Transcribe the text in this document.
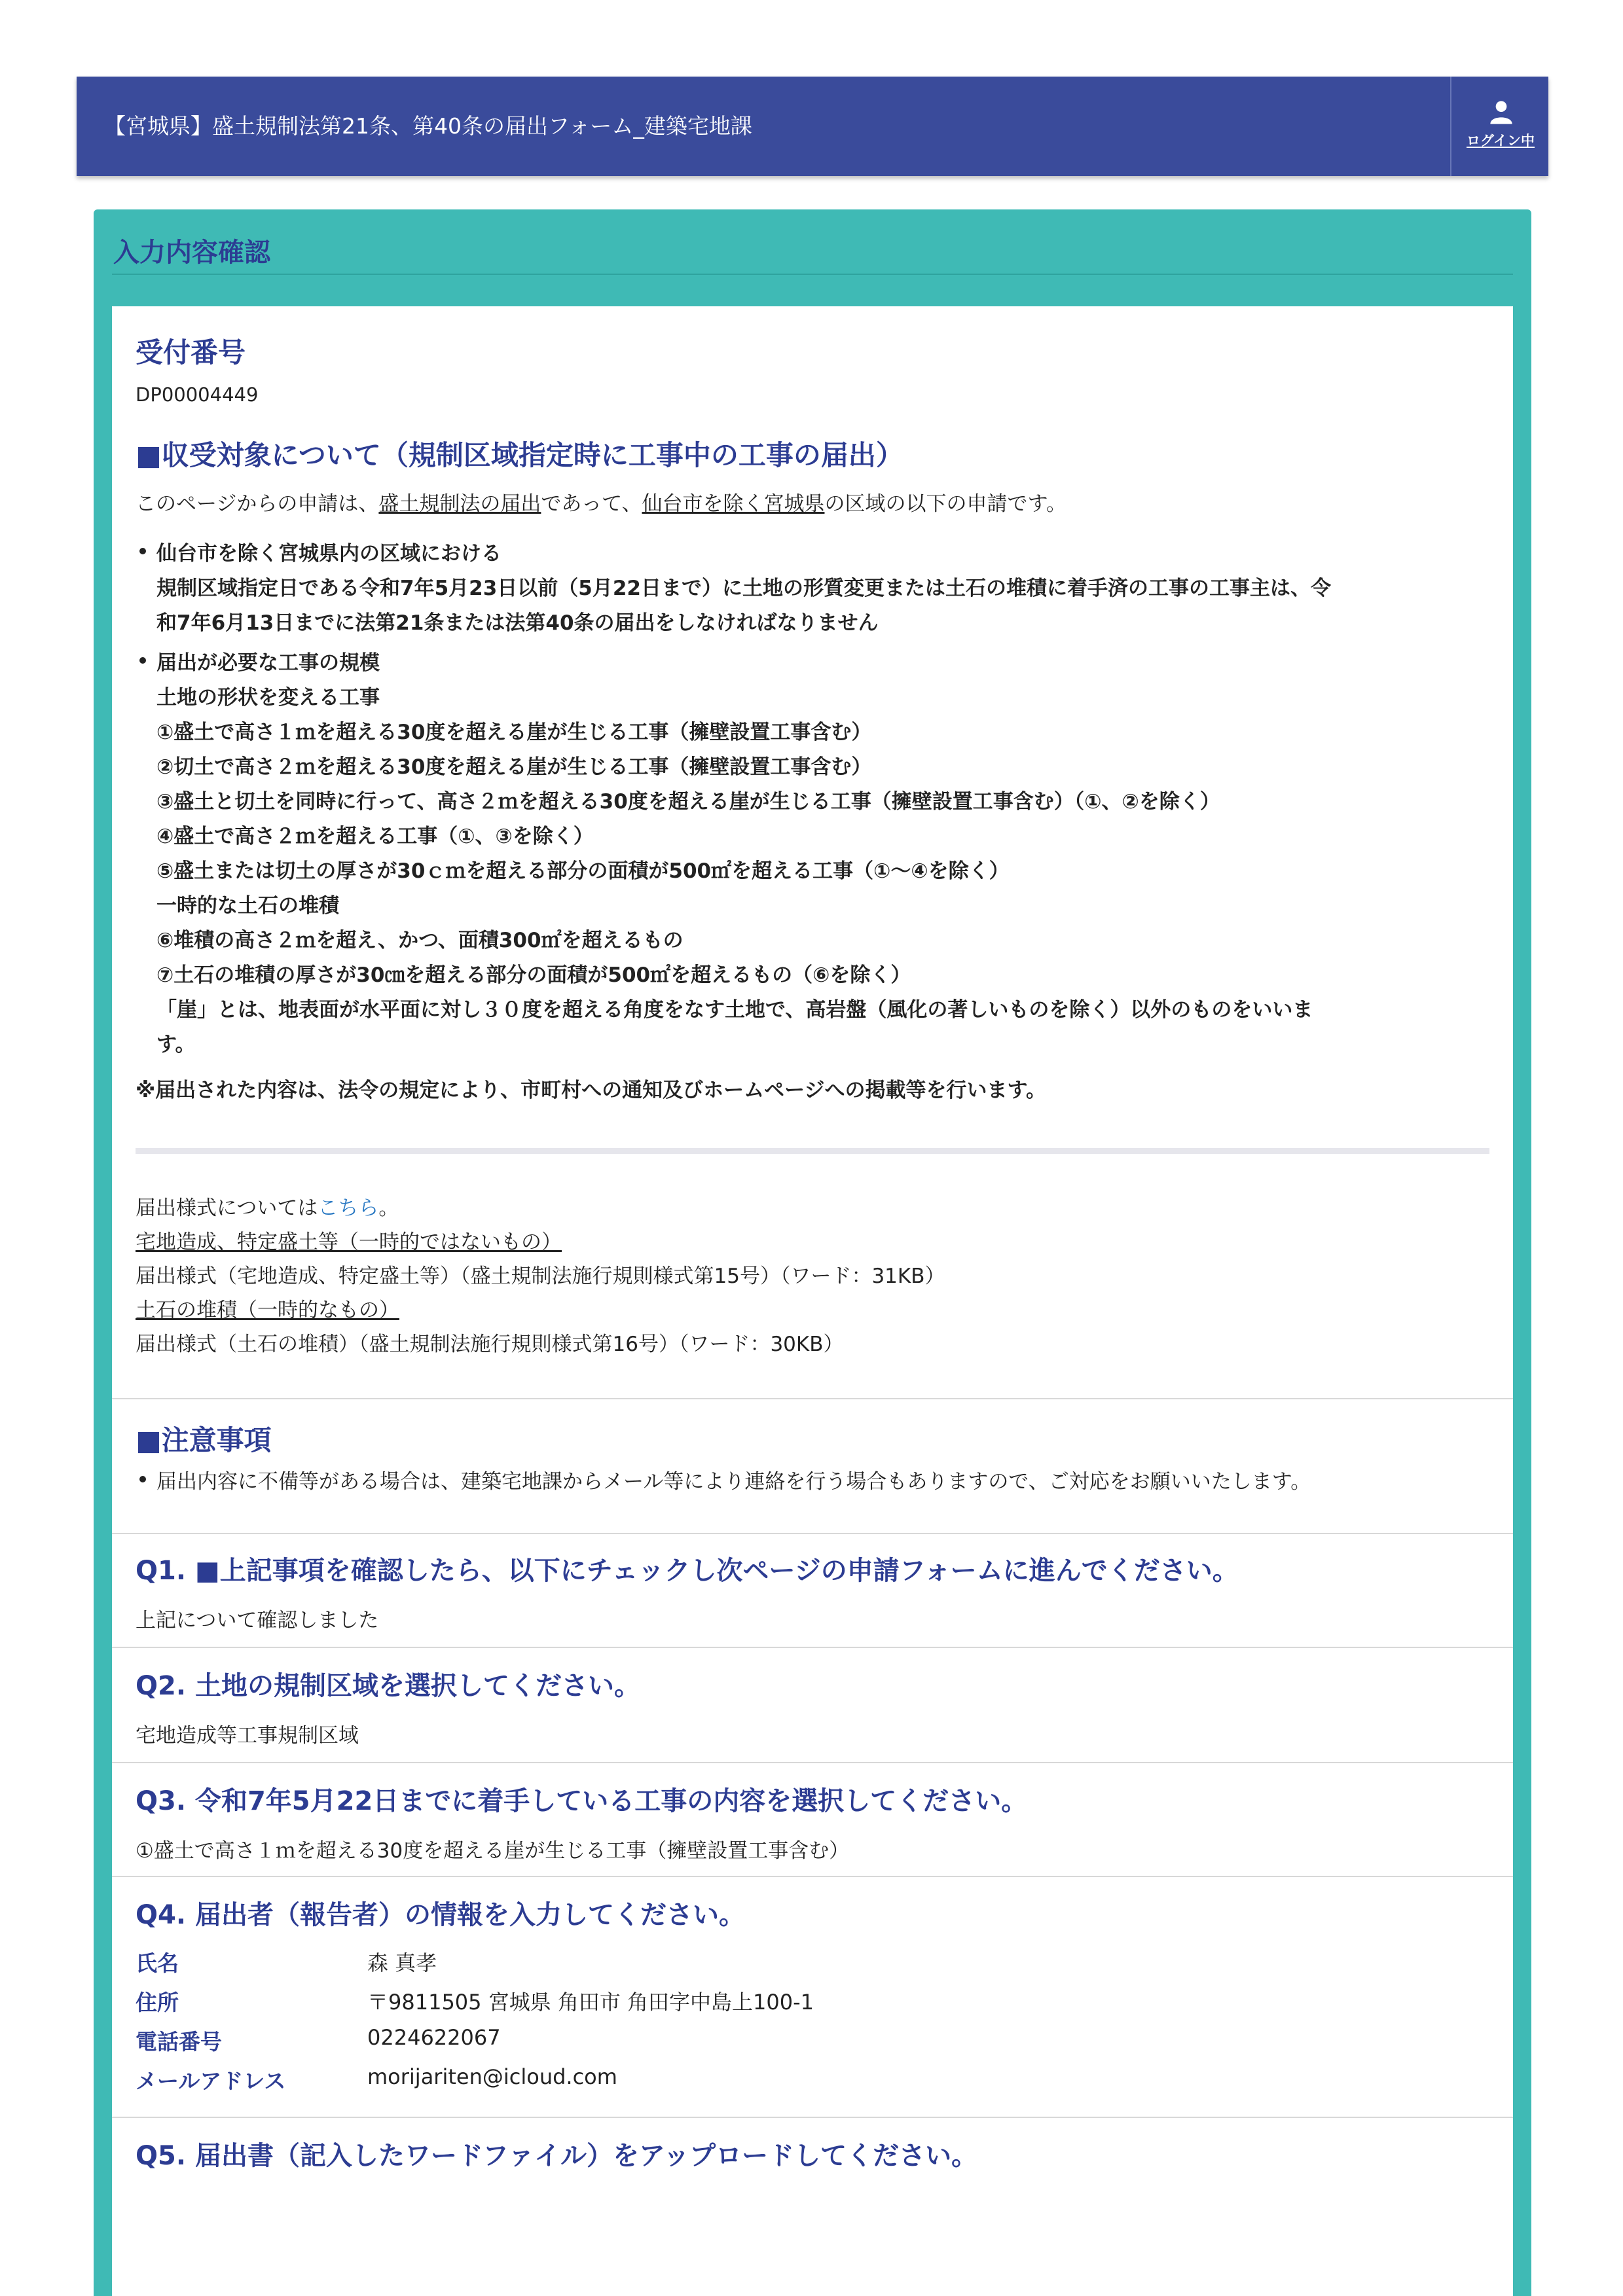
【宮城県】盛土規制法第21条、第40条の届出フォーム_建築宅地課
ログイン中
入力内容確認
受付番号
DP00004449
■収受対象について（規制区域指定時に工事中の工事の届出）
このページからの申請は、盛土規制法の届出であって、仙台市を除く宮城県の区域の以下の申請です。
仙台市を除く宮城県内の区域における
規制区域指定日である令和7年5月23日以前（5月22日まで）に土地の形質変更または土石の堆積に着手済の工事の工事主は、令
和7年6月13日までに法第21条または法第40条の届出をしなければなりません
届出が必要な工事の規模
土地の形状を変える工事
①盛土で高さ１ｍを超える30度を超える崖が生じる工事（擁壁設置工事含む）
②切土で高さ２ｍを超える30度を超える崖が生じる工事（擁壁設置工事含む）
③盛土と切土を同時に行って、高さ２ｍを超える30度を超える崖が生じる工事（擁壁設置工事含む）（①、②を除く）
④盛土で高さ２ｍを超える工事（①、③を除く）
⑤盛土または切土の厚さが30ｃｍを超える部分の面積が500㎡を超える工事（①〜④を除く）
一時的な土石の堆積
⑥堆積の高さ２ｍを超え、かつ、面積300㎡を超えるもの
⑦土石の堆積の厚さが30㎝を超える部分の面積が500㎡を超えるもの（⑥を除く）
「崖」とは、地表面が水平面に対し３０度を超える角度をなす土地で、高岩盤（風化の著しいものを除く）以外のものをいいま
す。
※届出された内容は、法令の規定により、市町村への通知及びホームページへの掲載等を行います。
届出様式についてはこちら。
宅地造成、特定盛土等（一時的ではないもの）
届出様式（宅地造成、特定盛土等）（盛土規制法施行規則様式第15号）（ワード：31KB）
土石の堆積（一時的なもの）
届出様式（土石の堆積）（盛土規制法施行規則様式第16号）（ワード：30KB）
■注意事項
届出内容に不備等がある場合は、建築宅地課からメール等により連絡を行う場合もありますので、ご対応をお願いいたします。
Q1. ■上記事項を確認したら、以下にチェックし次ページの申請フォームに進んでください。
上記について確認しました
Q2. 土地の規制区域を選択してください。
宅地造成等工事規制区域
Q3. 令和7年5月22日までに着手している工事の内容を選択してください。
①盛土で高さ１ｍを超える30度を超える崖が生じる工事（擁壁設置工事含む）
Q4. 届出者（報告者）の情報を入力してください。
氏名	森 真孝
住所	〒9811505 宮城県 角田市 角田字中島上100-1
電話番号	0224622067
メールアドレス	morijariten@icloud.com
Q5. 届出書（記入したワードファイル）をアップロードしてください。
